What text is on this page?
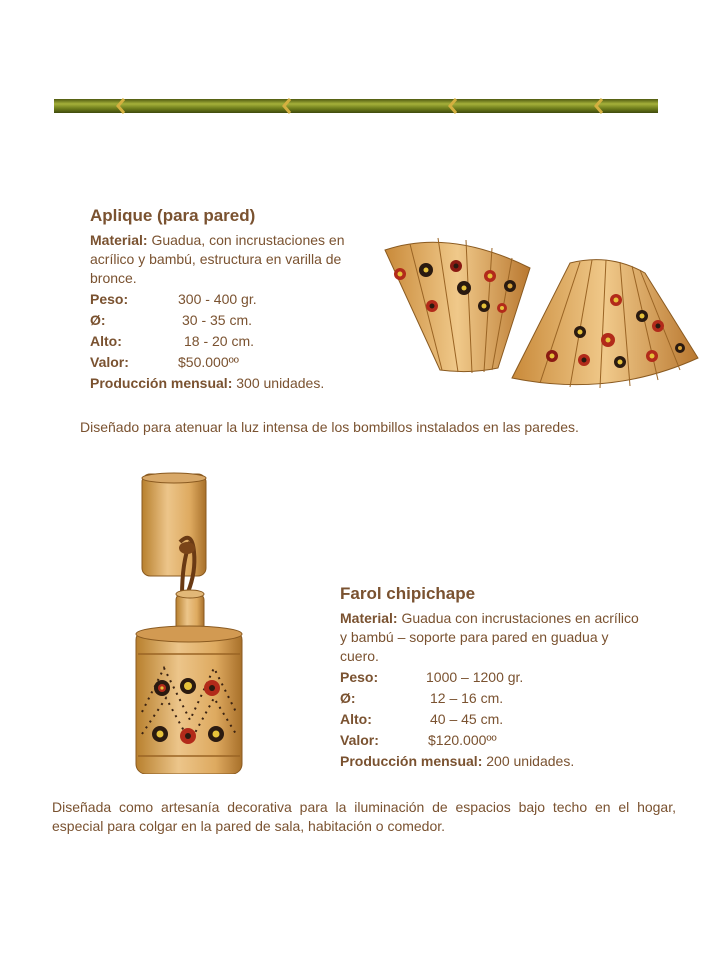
Aplique (para pared)
Material: Guadua, con incrustaciones en acrílico y bambú, estructura en varilla de bronce.
Peso:	300 - 400 gr.
Ø:	30 - 35 cm.
Alto:	18 - 20 cm.
Valor:	$50.000ºº
Producción mensual: 300 unidades.
Diseñado para atenuar la luz intensa de los bombillos instalados en las paredes.
Farol chipichape
Material: Guadua con incrustaciones en acrílico y bambú – soporte para pared en guadua y cuero.
Peso:	1000 – 1200 gr.
Ø:	12 – 16 cm.
Alto:	40 – 45 cm.
Valor:	$120.000ºº
Producción mensual: 200 unidades.
Diseñada como artesanía decorativa para la iluminación de espacios bajo techo en el hogar, especial para colgar en la pared de sala, habitación o comedor.
